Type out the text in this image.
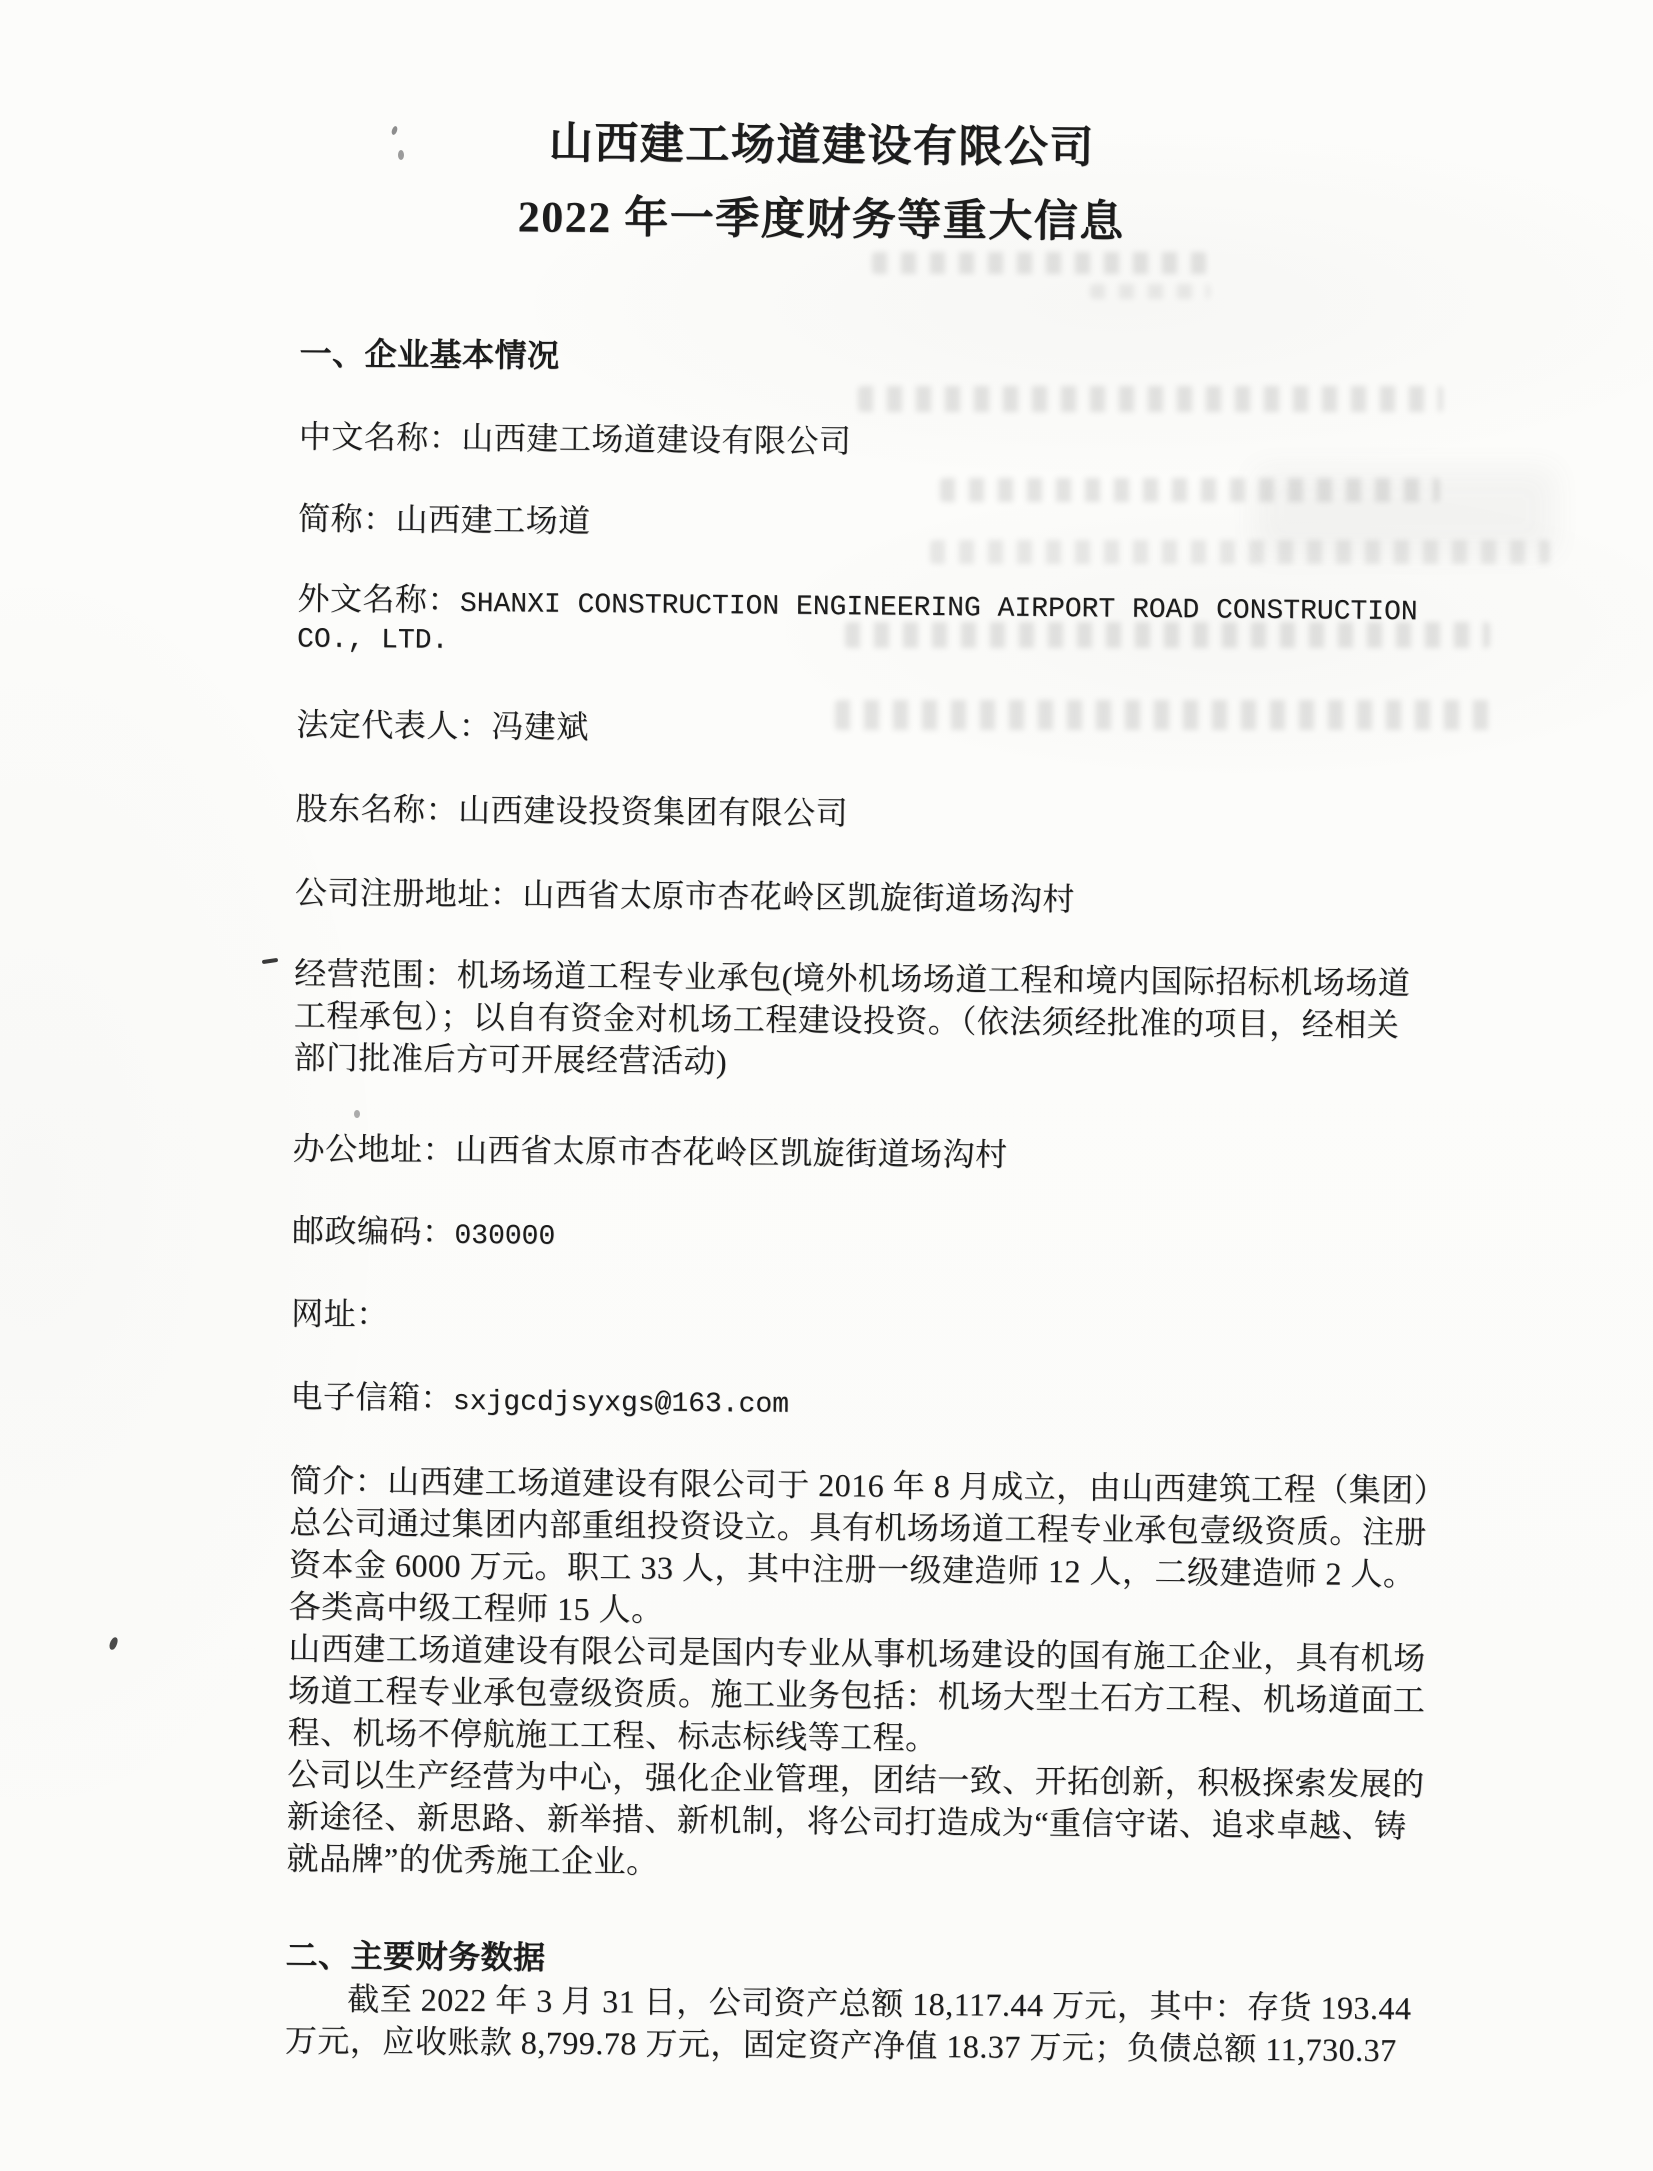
山西建工场道建设有限公司
2022 年一季度财务等重大信息
一、企业基本情况
中文名称：山西建工场道建设有限公司
简称：山西建工场道
外文名称：SHANXI CONSTRUCTION ENGINEERING AIRPORT ROAD CONSTRUCTION
CO., LTD.
法定代表人：冯建斌
股东名称：山西建设投资集团有限公司
公司注册地址：山西省太原市杏花岭区凯旋街道场沟村
经营范围：机场场道工程专业承包(境外机场场道工程和境内国际招标机场场道
工程承包）；以自有资金对机场工程建设投资。（依法须经批准的项目，经相关
部门批准后方可开展经营活动)
办公地址：山西省太原市杏花岭区凯旋街道场沟村
邮政编码：030000
网址：
电子信箱：sxjgcdjsyxgs@163.com
简介：山西建工场道建设有限公司于 2016 年 8 月成立，由山西建筑工程（集团）
总公司通过集团内部重组投资设立。具有机场场道工程专业承包壹级资质。注册
资本金 6000 万元。职工 33 人，其中注册一级建造师 12 人，二级建造师 2 人。
各类高中级工程师 15 人。
山西建工场道建设有限公司是国内专业从事机场建设的国有施工企业，具有机场
场道工程专业承包壹级资质。施工业务包括：机场大型土石方工程、机场道面工
程、机场不停航施工工程、标志标线等工程。
公司以生产经营为中心，强化企业管理，团结一致、开拓创新，积极探索发展的
新途径、新思路、新举措、新机制，将公司打造成为“重信守诺、追求卓越、铸
就品牌”的优秀施工企业。
二、主要财务数据
截至 2022 年 3 月 31 日，公司资产总额 18,117.44 万元，其中：存货 193.44
万元，应收账款 8,799.78 万元，固定资产净值 18.37 万元；负债总额 11,730.37
